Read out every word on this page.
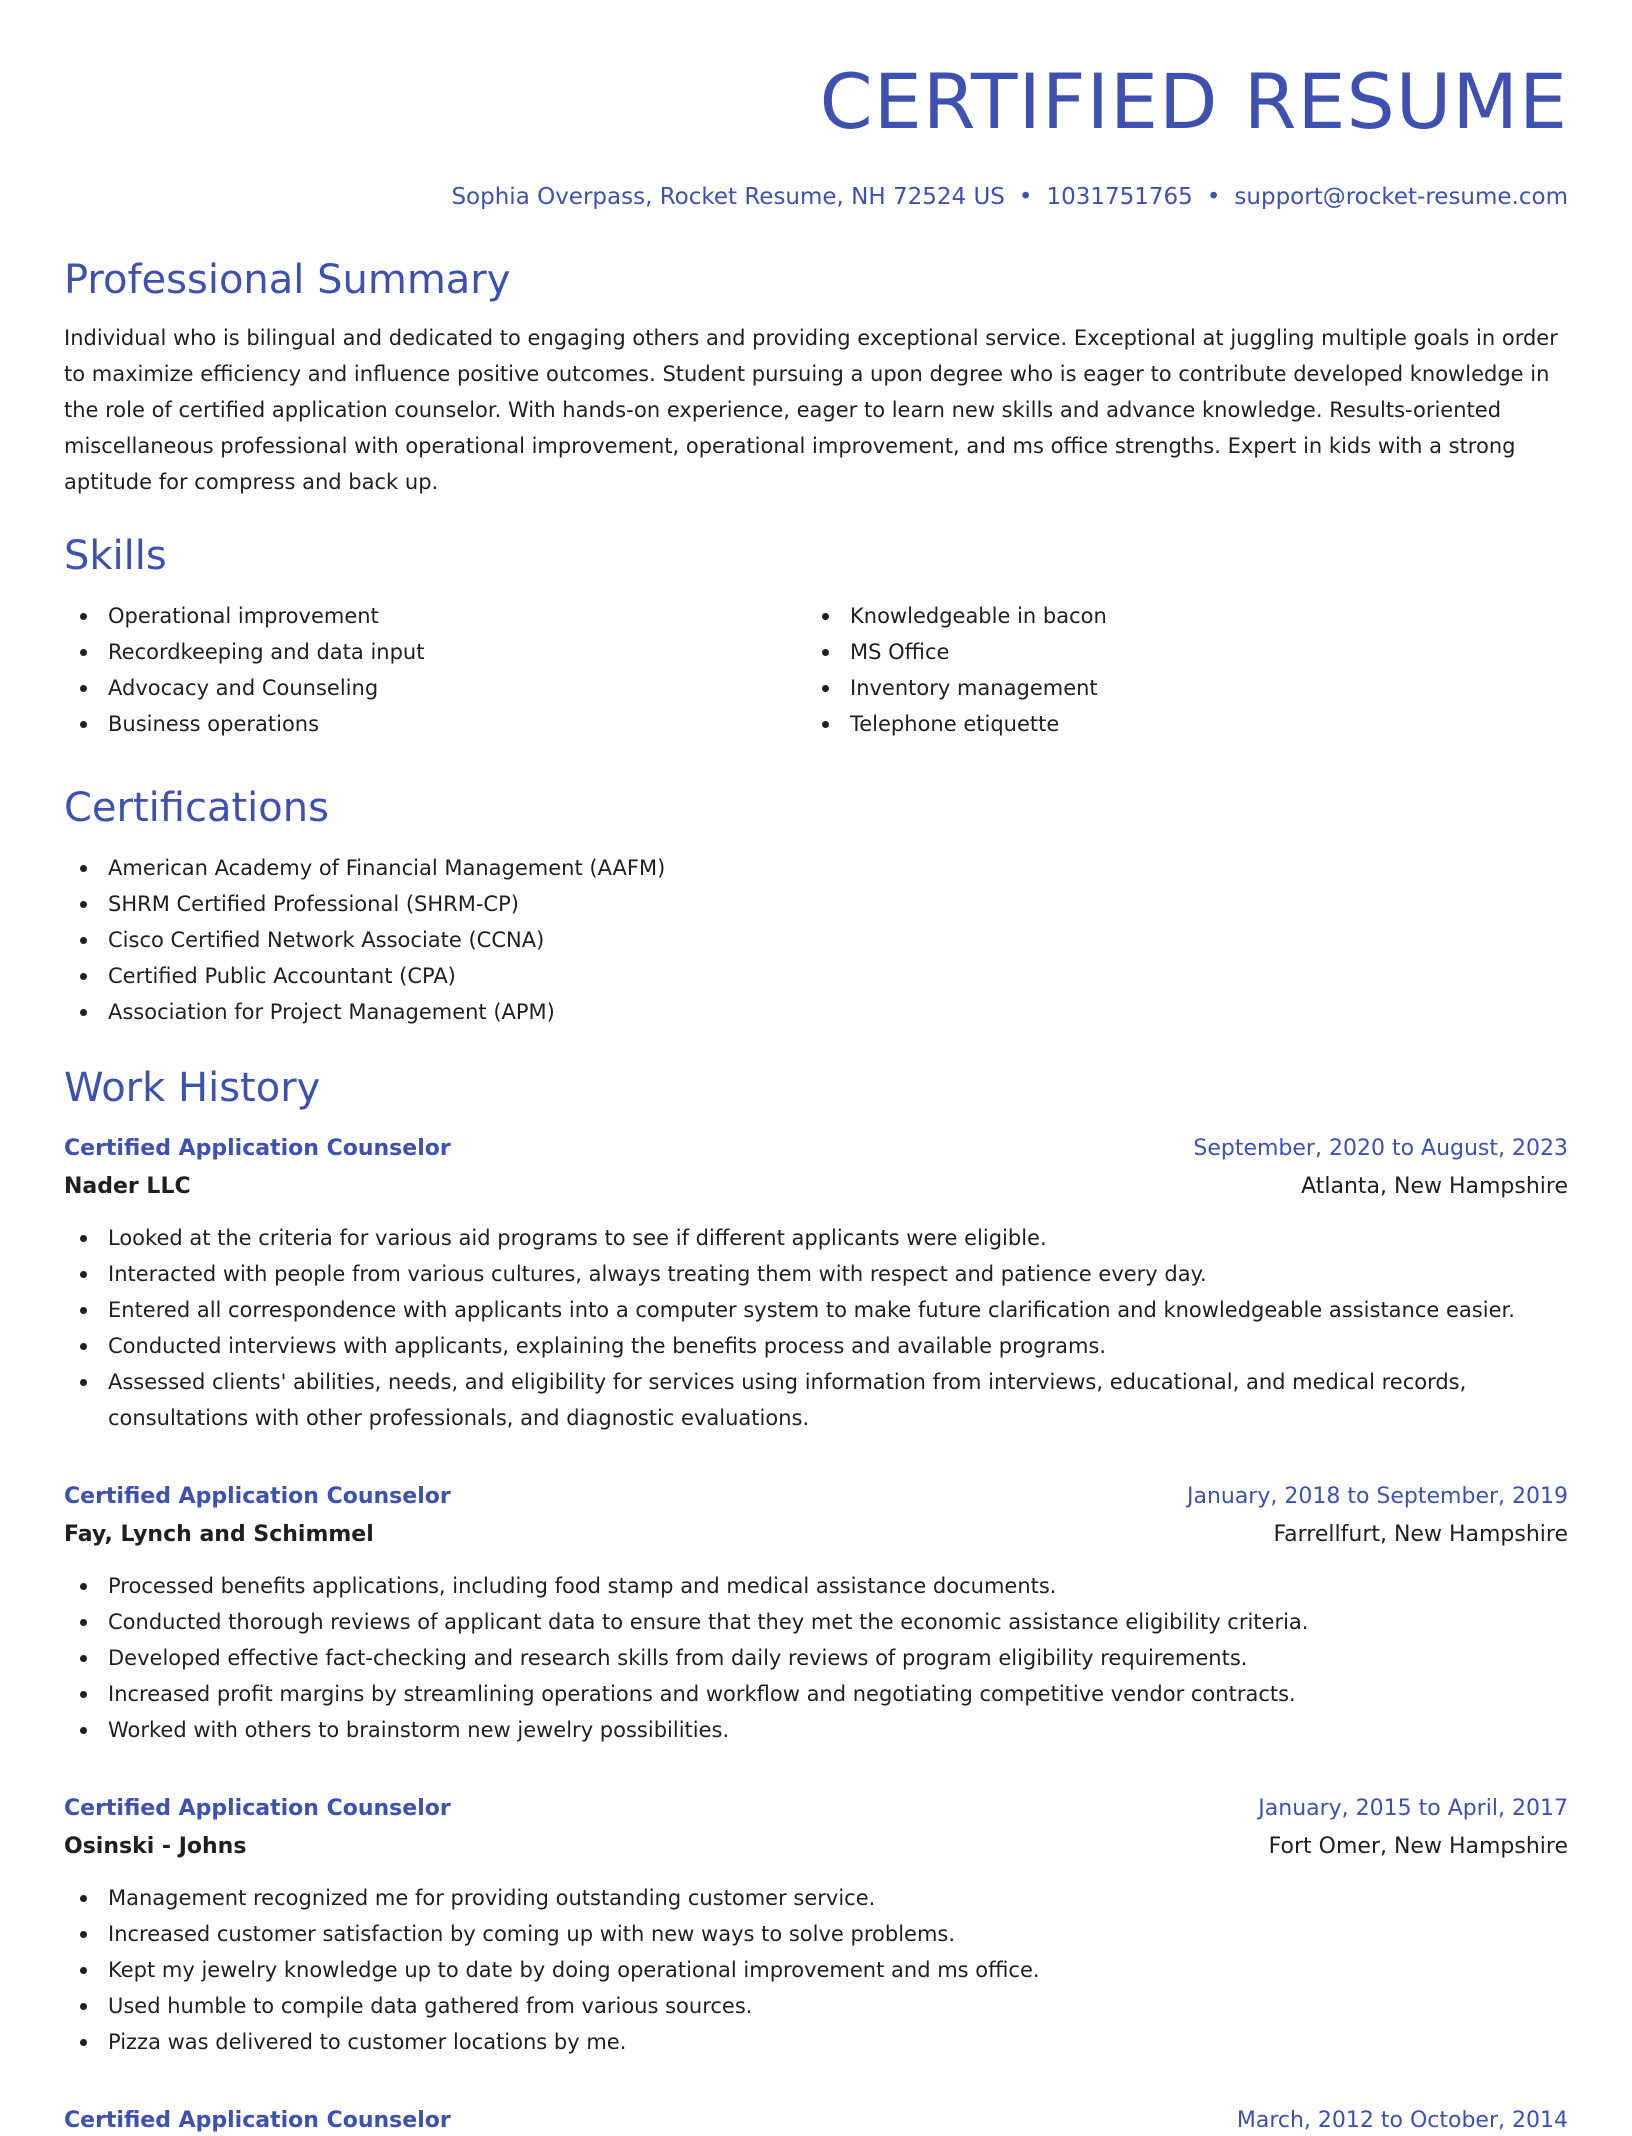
CERTIFIED RESUME
Sophia Overpass, Rocket Resume, NH 72524 US • 1031751765 • support@rocket-resume.com
Professional Summary

Individual who is bilingual and dedicated to engaging others and providing exceptional service. Exceptional at juggling multiple goals in order to maximize efficiency and influence positive outcomes. Student pursuing a upon degree who is eager to contribute developed knowledge in the role of certified application counselor. With hands-on experience, eager to learn new skills and advance knowledge. Results-oriented miscellaneous professional with operational improvement, operational improvement, and ms office strengths. Expert in kids with a strong aptitude for compress and back up.

Skills
Operational improvement
Recordkeeping and data input
Advocacy and Counseling
Business operations
Knowledgeable in bacon
MS Office
Inventory management
Telephone etiquette
Certifications
American Academy of Financial Management (AAFM)
SHRM Certified Professional (SHRM-CP)
Cisco Certified Network Associate (CCNA)
Certified Public Accountant (CPA)
Association for Project Management (APM)
Work History
Certified Application Counselor	September, 2020 to August, 2023
Nader LLC	Atlanta, New Hampshire
Looked at the criteria for various aid programs to see if different applicants were eligible.
Interacted with people from various cultures, always treating them with respect and patience every day.
Entered all correspondence with applicants into a computer system to make future clarification and knowledgeable assistance easier.
Conducted interviews with applicants, explaining the benefits process and available programs.
Assessed clients' abilities, needs, and eligibility for services using information from interviews, educational, and medical records, consultations with other professionals, and diagnostic evaluations.
Certified Application Counselor	January, 2018 to September, 2019
Fay, Lynch and Schimmel	Farrellfurt, New Hampshire
Processed benefits applications, including food stamp and medical assistance documents.
Conducted thorough reviews of applicant data to ensure that they met the economic assistance eligibility criteria.
Developed effective fact-checking and research skills from daily reviews of program eligibility requirements.
Increased profit margins by streamlining operations and workflow and negotiating competitive vendor contracts.
Worked with others to brainstorm new jewelry possibilities.
Certified Application Counselor	January, 2015 to April, 2017
Osinski - Johns	Fort Omer, New Hampshire
Management recognized me for providing outstanding customer service.
Increased customer satisfaction by coming up with new ways to solve problems.
Kept my jewelry knowledge up to date by doing operational improvement and ms office.
Used humble to compile data gathered from various sources.
Pizza was delivered to customer locations by me.
Certified Application Counselor	March, 2012 to October, 2014
